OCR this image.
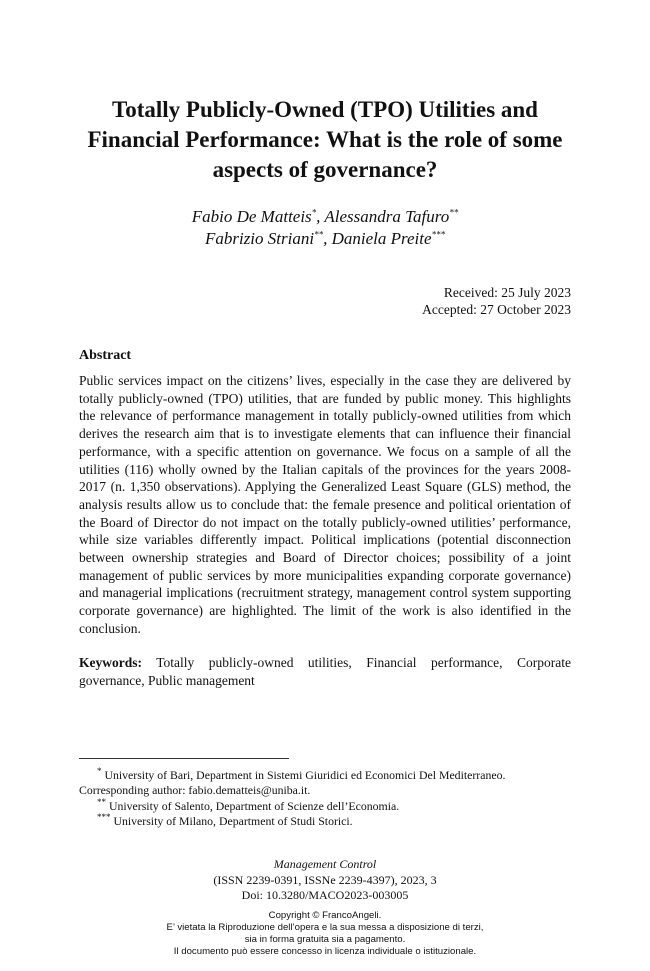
Totally Publicly-Owned (TPO) Utilities and
Financial Performance: What is the role of some
aspects of governance?
Fabio De Matteis*, Alessandra Tafuro**
Fabrizio Striani**, Daniela Preite***
Received: 25 July 2023
Accepted: 27 October 2023
Abstract
Public services impact on the citizens’ lives, especially in the case they are delivered by totally publicly-owned (TPO) utilities, that are funded by public money. This highlights the relevance of performance management in totally publicly-owned utilities from which derives the research aim that is to investigate elements that can influence their financial performance, with a specific attention on governance. We focus on a sample of all the utilities (116) wholly owned by the Italian capitals of the provinces for the years 2008-2017 (n. 1,350 observations). Applying the Generalized Least Square (GLS) method, the analysis results allow us to conclude that: the female presence and political orientation of the Board of Director do not impact on the totally publicly-owned utilities’ performance, while size variables differently impact. Political implications (potential disconnection between ownership strategies and Board of Director choices; possibility of a joint management of public services by more municipalities expanding corporate governance) and managerial implications (recruitment strategy, management control system supporting corporate governance) are highlighted. The limit of the work is also identified in the conclusion.
Keywords: Totally publicly-owned utilities, Financial performance, Corporate governance, Public management
* University of Bari, Department in Sistemi Giuridici ed Economici Del Mediterraneo.
Corresponding author: fabio.dematteis@uniba.it.
** University of Salento, Department of Scienze dell’Economia.
*** University of Milano, Department of Studi Storici.
Management Control
(ISSN 2239-0391, ISSNe 2239-4397), 2023, 3
Doi: 10.3280/MACO2023-003005
Copyright © FrancoAngeli.
E’ vietata la Riproduzione dell’opera e la sua messa a disposizione di terzi,
sia in forma gratuita sia a pagamento.
Il documento può essere concesso in licenza individuale o istituzionale.
